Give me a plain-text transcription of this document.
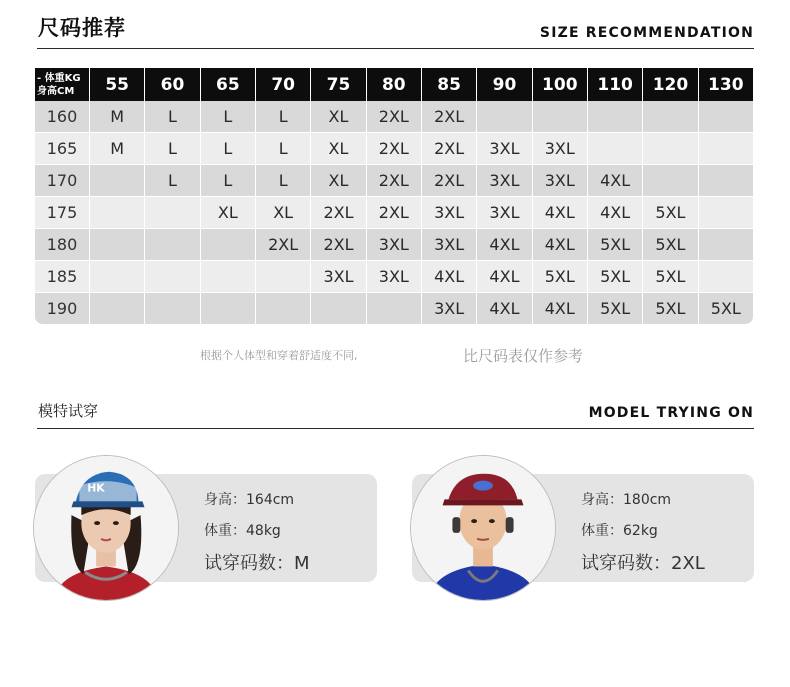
尺码推荐	SIZE RECOMMENDATION
- 体重KG
身高CM	55	60	65	70	75	80	85	90	100	110	120	130
160	M	L	L	L	XL	2XL	2XL					
165	M	L	L	L	XL	2XL	2XL	3XL	3XL			
170		L	L	L	XL	2XL	2XL	3XL	3XL	4XL		
175			XL	XL	2XL	2XL	3XL	3XL	4XL	4XL	5XL	
180				2XL	2XL	3XL	3XL	4XL	4XL	5XL	5XL	
185					3XL	3XL	4XL	4XL	5XL	5XL	5XL	
190							3XL	4XL	4XL	5XL	5XL	5XL
根据个人体型和穿着舒适度不同,	比尺码表仅作参考
模特试穿	MODEL TRYING ON
HK
身高：164cm
体重：48kg
试穿码数：M
身高：180cm
体重：62kg
试穿码数：2XL
